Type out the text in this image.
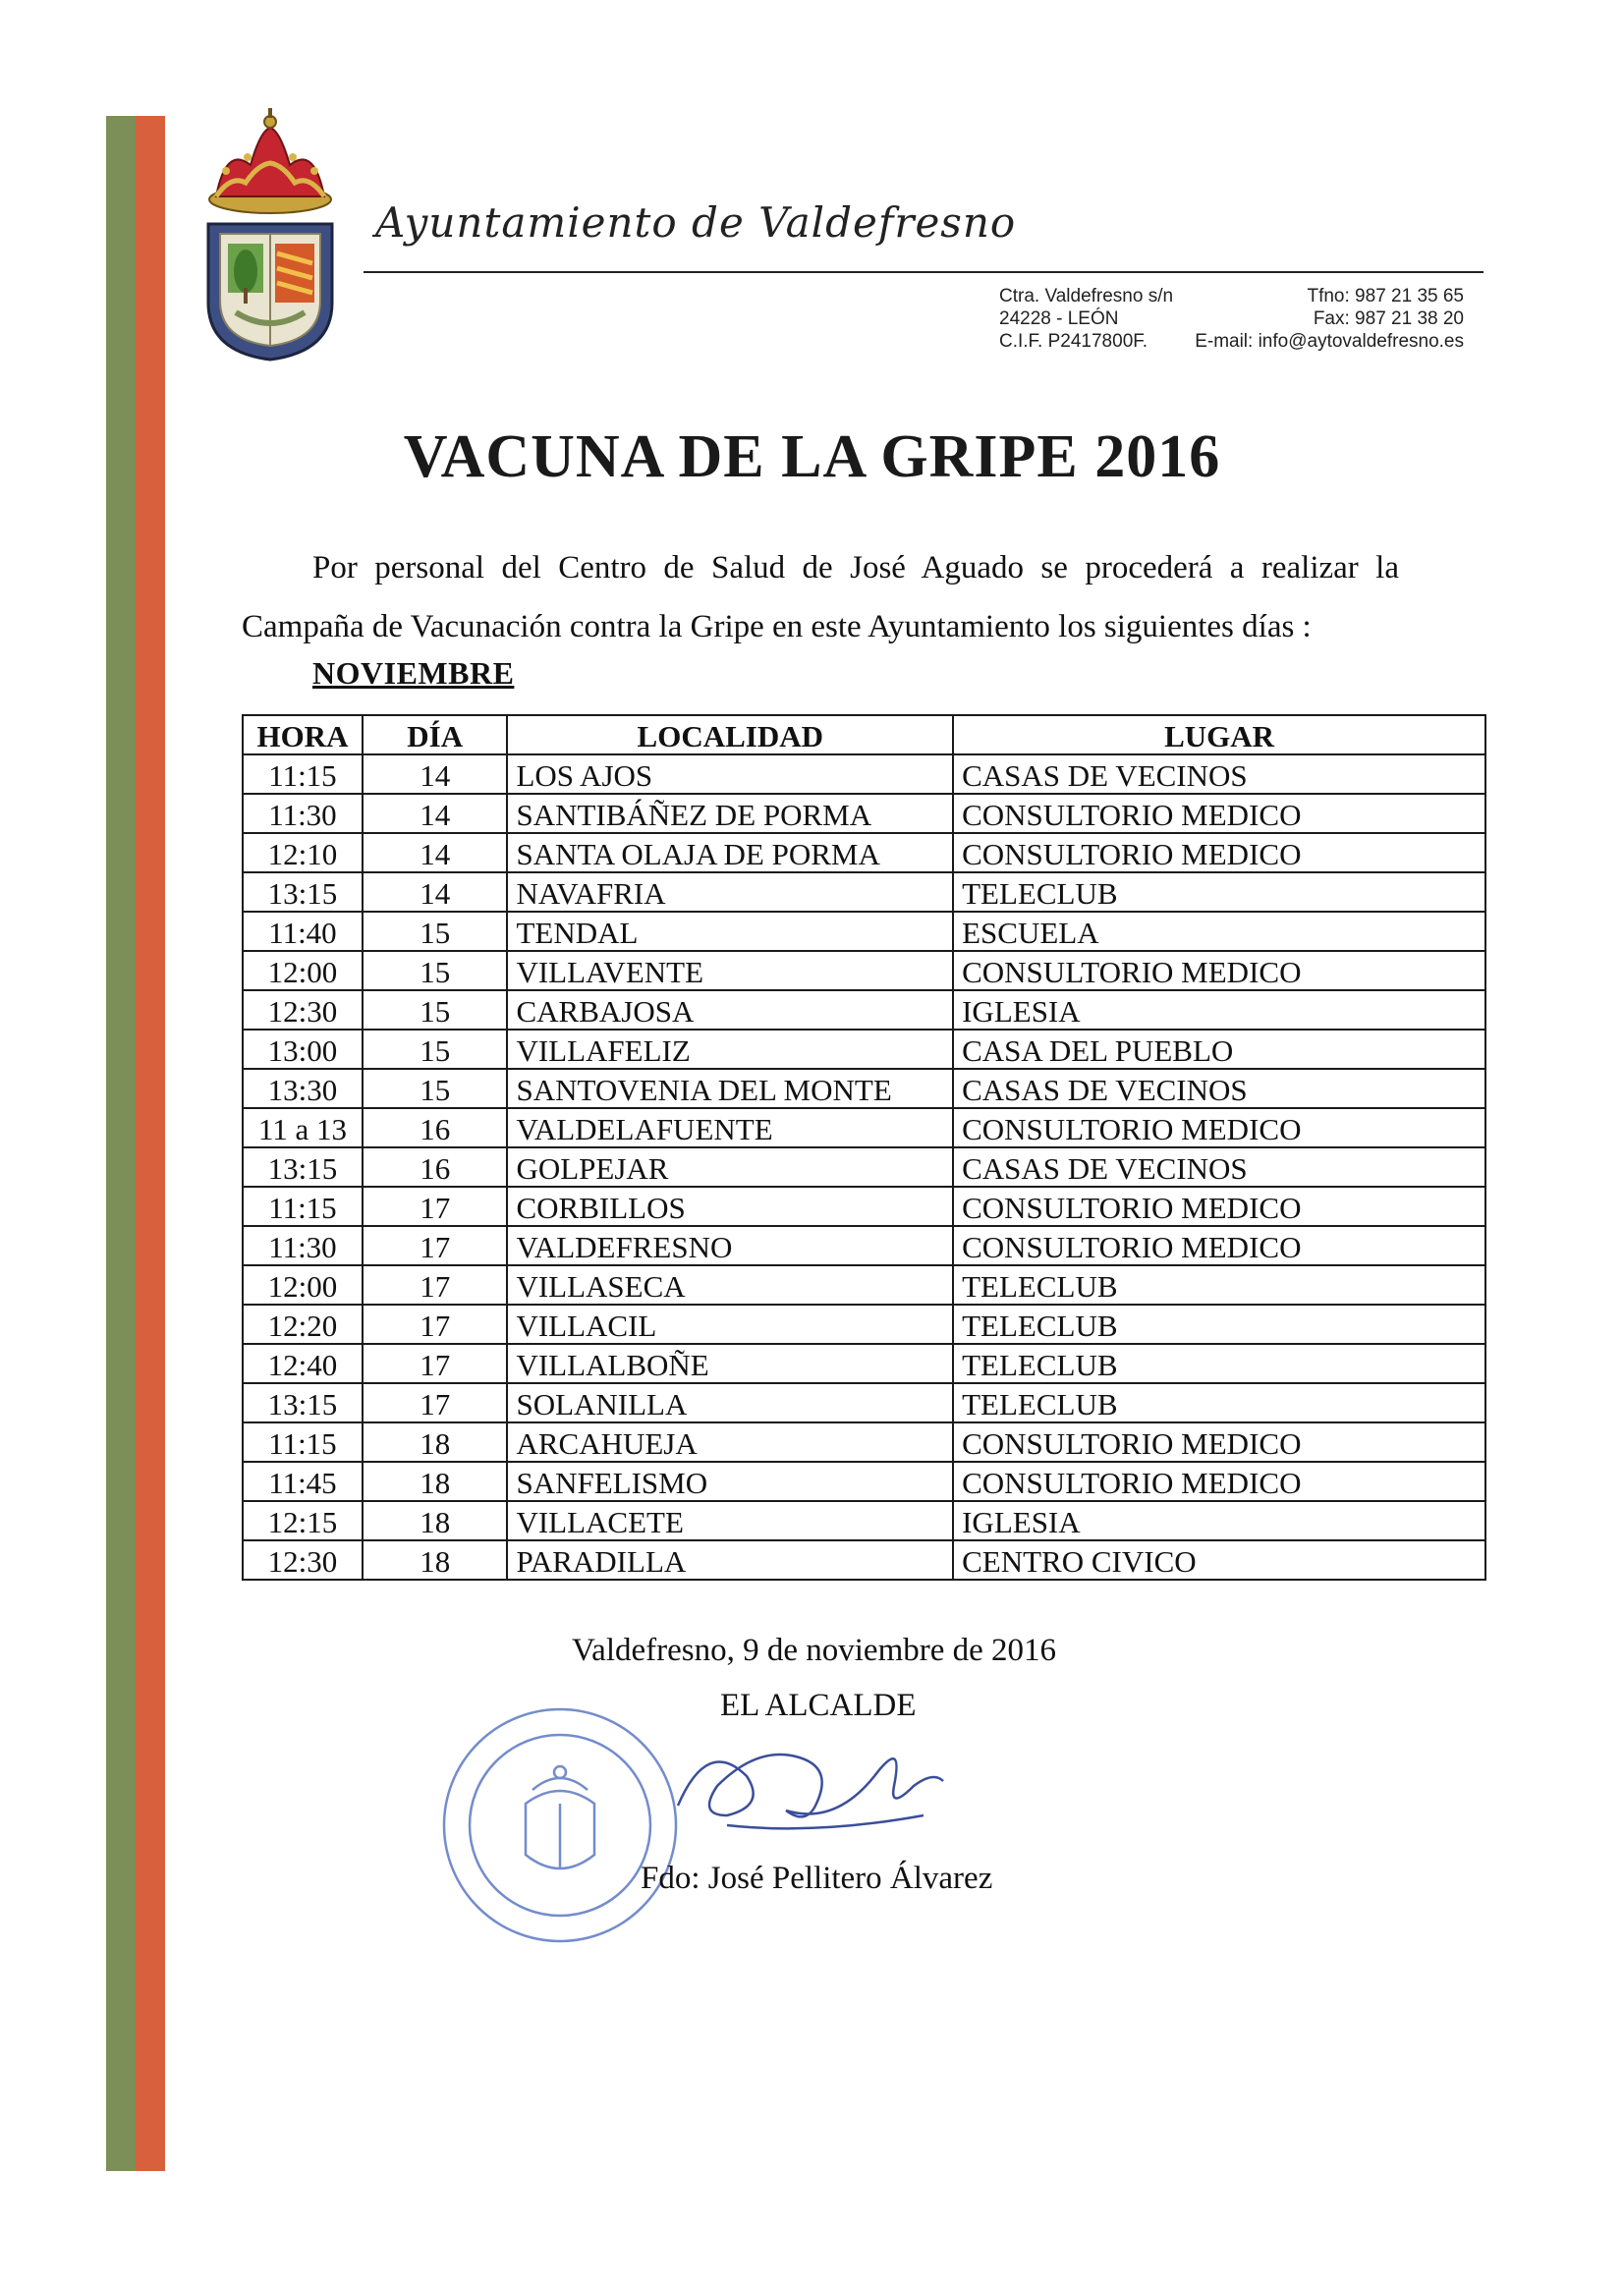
Ayuntamiento de Valdefresno
Ctra. Valdefresno s/n
24228 - LEÓN
C.I.F. P2417800F.
Tfno: 987 21 35 65
Fax: 987 21 38 20
E-mail: info@aytovaldefresno.es
VACUNA DE LA GRIPE 2016

Por personal del Centro de Salud de José Aguado se procederá a realizar la Campaña de Vacunación contra la Gripe en este Ayuntamiento los siguientes días :

NOVIEMBRE
HORA	DÍA	LOCALIDAD	LUGAR
11:15	14	LOS AJOS	CASAS DE VECINOS
11:30	14	SANTIBÁÑEZ DE PORMA	CONSULTORIO MEDICO
12:10	14	SANTA OLAJA DE PORMA	CONSULTORIO MEDICO
13:15	14	NAVAFRIA	TELECLUB
11:40	15	TENDAL	ESCUELA
12:00	15	VILLAVENTE	CONSULTORIO MEDICO
12:30	15	CARBAJOSA	IGLESIA
13:00	15	VILLAFELIZ	CASA DEL PUEBLO
13:30	15	SANTOVENIA DEL MONTE	CASAS DE VECINOS
11 a 13	16	VALDELAFUENTE	CONSULTORIO MEDICO
13:15	16	GOLPEJAR	CASAS DE VECINOS
11:15	17	CORBILLOS	CONSULTORIO MEDICO
11:30	17	VALDEFRESNO	CONSULTORIO MEDICO
12:00	17	VILLASECA	TELECLUB
12:20	17	VILLACIL	TELECLUB
12:40	17	VILLALBOÑE	TELECLUB
13:15	17	SOLANILLA	TELECLUB
11:15	18	ARCAHUEJA	CONSULTORIO MEDICO
11:45	18	SANFELISMO	CONSULTORIO MEDICO
12:15	18	VILLACETE	IGLESIA
12:30	18	PARADILLA	CENTRO CIVICO
Valdefresno, 9 de noviembre de 2016
EL ALCALDE
Fdo: José Pellitero Álvarez
